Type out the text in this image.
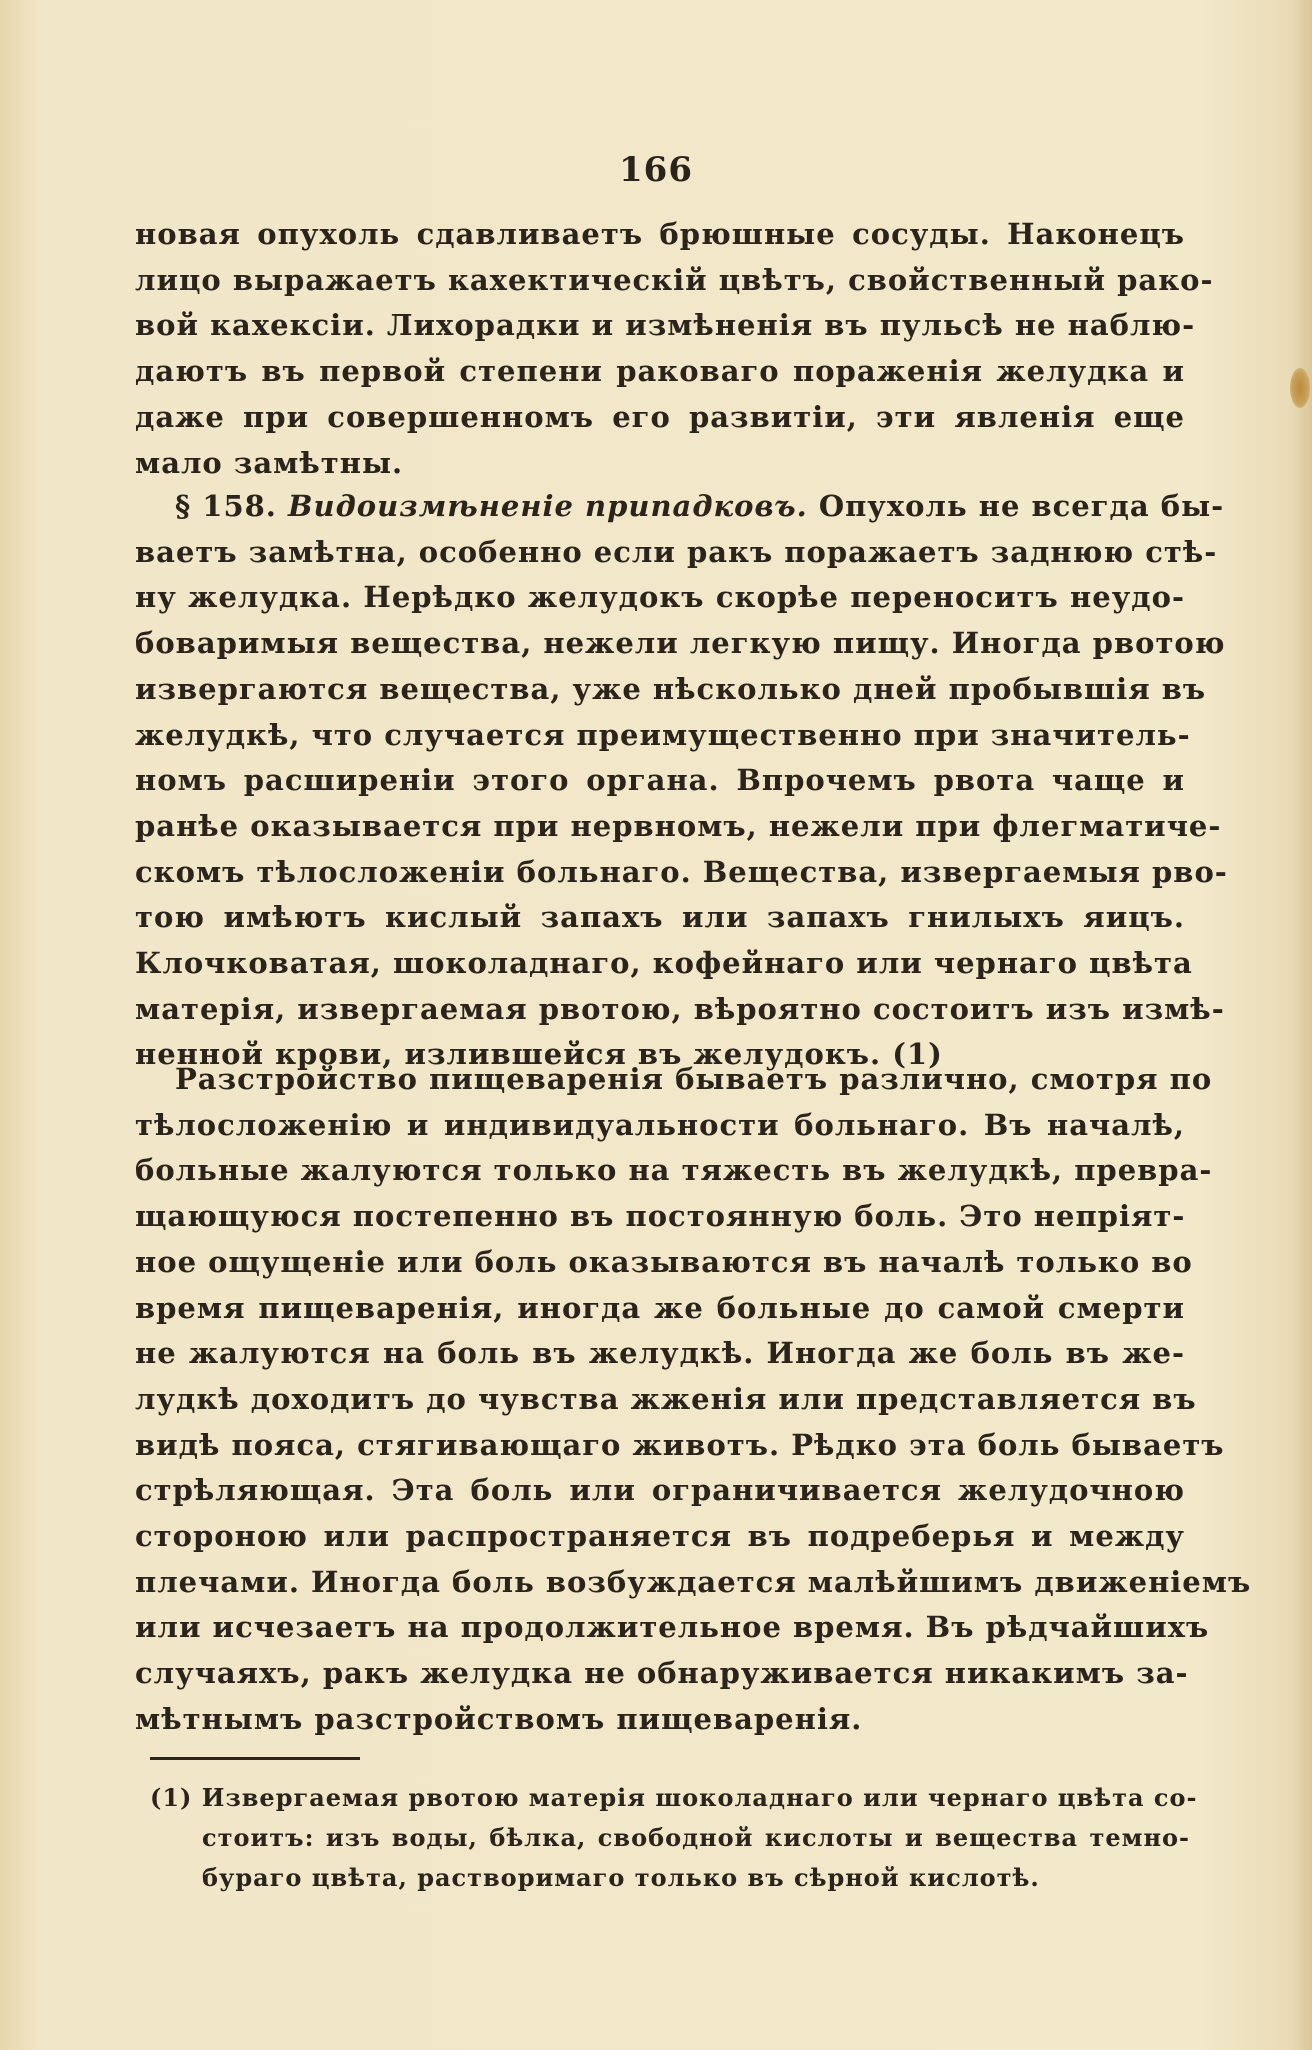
166
новая опухоль сдавливаетъ брюшные сосуды. Наконецъ
лицо выражаетъ кахектическій цвѣтъ, свойственный рако-
вой кахексіи. Лихорадки и измѣненія въ пульсѣ не наблю-
даютъ въ первой степени раковаго пораженія желудка и
даже при совершенномъ его развитіи, эти явленія еще
мало замѣтны.
§ 158. Видоизмѣненіе припадковъ. Опухоль не всегда бы-
ваетъ замѣтна, особенно если ракъ поражаетъ заднюю стѣ-
ну желудка. Нерѣдко желудокъ скорѣе переноситъ неудо-
боваримыя вещества, нежели легкую пищу. Иногда рвотою
извергаются вещества, уже нѣсколько дней пробывшія въ
желудкѣ, что случается преимущественно при значитель-
номъ расширеніи этого органа. Впрочемъ рвота чаще и
ранѣе оказывается при нервномъ, нежели при флегматиче-
скомъ тѣлосложеніи больнаго. Вещества, извергаемыя рво-
тою имѣютъ кислый запахъ или запахъ гнилыхъ яицъ.
Клочковатая, шоколаднаго, кофейнаго или чернаго цвѣта
матерія, извергаемая рвотою, вѣроятно состоитъ изъ измѣ-
ненной крови, излившейся въ желудокъ. (1)
Разстройство пищеваренія бываетъ различно, смотря по
тѣлосложенію и индивидуальности больнаго. Въ началѣ,
больные жалуются только на тяжесть въ желудкѣ, превра-
щающуюся постепенно въ постоянную боль. Это непріят-
ное ощущеніе или боль оказываются въ началѣ только во
время пищеваренія, иногда же больные до самой смерти
не жалуются на боль въ желудкѣ. Иногда же боль въ же-
лудкѣ доходитъ до чувства жженія или представляется въ
видѣ пояса, стягивающаго животъ. Рѣдко эта боль бываетъ
стрѣляющая. Эта боль или ограничивается желудочною
стороною или распространяется въ подреберья и между
плечами. Иногда боль возбуждается малѣйшимъ движеніемъ
или исчезаетъ на продолжительное время. Въ рѣдчайшихъ
случаяхъ, ракъ желудка не обнаруживается никакимъ за-
мѣтнымъ разстройствомъ пищеваренія.
(1) Извергаемая рвотою матерія шоколаднаго или чернаго цвѣта со-
стоитъ: изъ воды, бѣлка, свободной кислоты и вещества темно-
бураго цвѣта, растворимаго только въ сѣрной кислотѣ.
